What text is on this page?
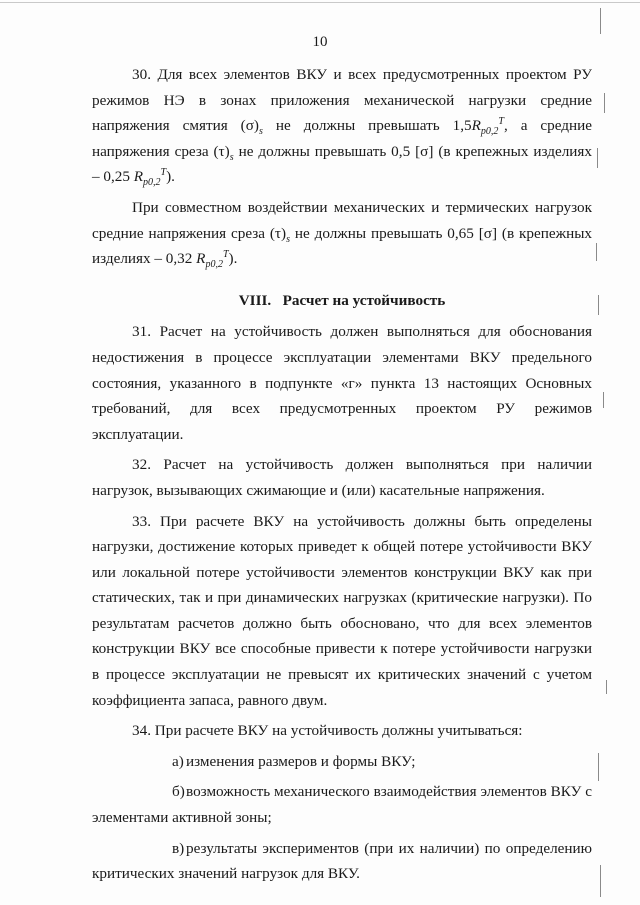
10

30. Для всех элементов ВКУ и всех предусмотренных проектом РУ режимов НЭ в зонах приложения механической нагрузки средние напряжения смятия $(\sigma)_s$ не должны превышать $1,5R_{p0,2}^T$, а средние напряжения среза $(\tau)_s$ не должны превышать 0,5 [σ] (в крепежных изделиях – 0,25 $R_{p0,2}^T$).

При совместном воздействии механических и термических нагрузок средние напряжения среза $(\tau)_s$ не должны превышать 0,65 [σ] (в крепежных изделиях – 0,32 $R_{p0,2}^T$).

VIII.   Расчет на устойчивость

31. Расчет на устойчивость должен выполняться для обоснования недостижения в процессе эксплуатации элементами ВКУ предельного состояния, указанного в подпункте «г» пункта 13 настоящих Основных требований, для всех предусмотренных проектом РУ режимов эксплуатации.

32. Расчет на устойчивость должен выполняться при наличии нагрузок, вызывающих сжимающие и (или) касательные напряжения.

33. При расчете ВКУ на устойчивость должны быть определены нагрузки, достижение которых приведет к общей потере устойчивости ВКУ или локальной потере устойчивости элементов конструкции ВКУ как при статических, так и при динамических нагрузках (критические нагрузки). По результатам расчетов должно быть обосновано, что для всех элементов конструкции ВКУ все способные привести к потере устойчивости нагрузки в процессе эксплуатации не превысят их критических значений с учетом коэффициента запаса, равного двум.

34. При расчете ВКУ на устойчивость должны учитываться:

а) изменения размеров и формы ВКУ;

б)возможность механического взаимодействия элементов ВКУ с элементами активной зоны;

в) результаты экспериментов (при их наличии) по определению критических значений нагрузок для ВКУ.
